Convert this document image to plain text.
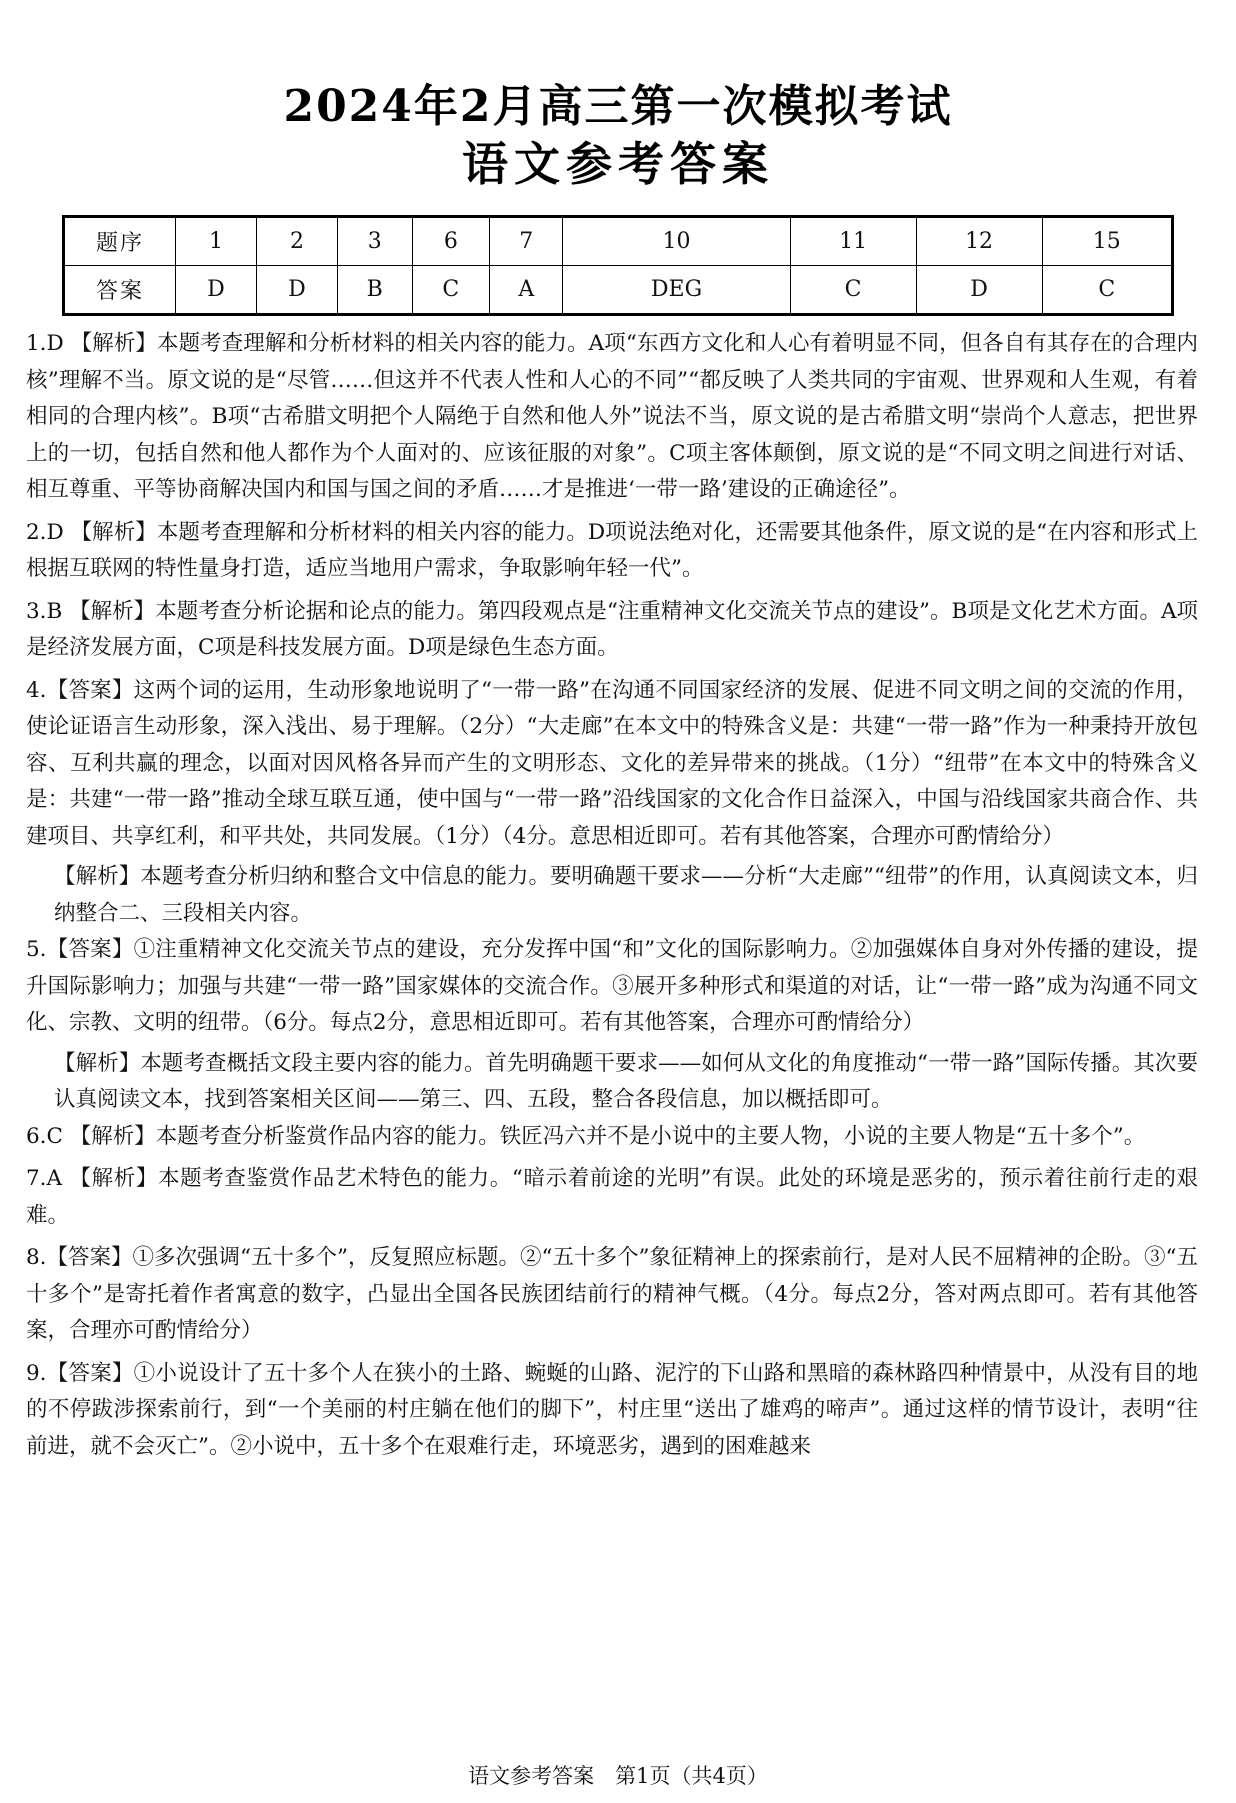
2024年2月高三第一次模拟考试
语文参考答案
题序	1	2	3	6	7	10	11	12	15
答案	D	D	B	C	A	DEG	C	D	C
1.D 【解析】本题考查理解和分析材料的相关内容的能力。A项“东西方文化和人心有着明显不同，但各自有其存在的合理内核”理解不当。原文说的是“尽管……但这并不代表人性和人心的不同”“都反映了人类共同的宇宙观、世界观和人生观，有着相同的合理内核”。B项“古希腊文明把个人隔绝于自然和他人外”说法不当，原文说的是古希腊文明“崇尚个人意志，把世界上的一切，包括自然和他人都作为个人面对的、应该征服的对象”。C项主客体颠倒，原文说的是“不同文明之间进行对话、相互尊重、平等协商解决国内和国与国之间的矛盾……才是推进‘一带一路’建设的正确途径”。
2.D 【解析】本题考查理解和分析材料的相关内容的能力。D项说法绝对化，还需要其他条件，原文说的是“在内容和形式上根据互联网的特性量身打造，适应当地用户需求，争取影响年轻一代”。
3.B 【解析】本题考查分析论据和论点的能力。第四段观点是“注重精神文化交流关节点的建设”。B项是文化艺术方面。A项是经济发展方面，C项是科技发展方面。D项是绿色生态方面。
4.【答案】这两个词的运用，生动形象地说明了“一带一路”在沟通不同国家经济的发展、促进不同文明之间的交流的作用，使论证语言生动形象，深入浅出、易于理解。（2分）“大走廊”在本文中的特殊含义是：共建“一带一路”作为一种秉持开放包容、互利共赢的理念，以面对因风格各异而产生的文明形态、文化的差异带来的挑战。（1分）“纽带”在本文中的特殊含义是：共建“一带一路”推动全球互联互通，使中国与“一带一路”沿线国家的文化合作日益深入，中国与沿线国家共商合作、共建项目、共享红利，和平共处，共同发展。（1分）（4分。意思相近即可。若有其他答案，合理亦可酌情给分）
【解析】本题考查分析归纳和整合文中信息的能力。要明确题干要求——分析“大走廊”“纽带”的作用，认真阅读文本，归纳整合二、三段相关内容。
5.【答案】①注重精神文化交流关节点的建设，充分发挥中国“和”文化的国际影响力。②加强媒体自身对外传播的建设，提升国际影响力；加强与共建“一带一路”国家媒体的交流合作。③展开多种形式和渠道的对话，让“一带一路”成为沟通不同文化、宗教、文明的纽带。（6分。每点2分，意思相近即可。若有其他答案，合理亦可酌情给分）
【解析】本题考查概括文段主要内容的能力。首先明确题干要求——如何从文化的角度推动“一带一路”国际传播。其次要认真阅读文本，找到答案相关区间——第三、四、五段，整合各段信息，加以概括即可。
6.C 【解析】本题考查分析鉴赏作品内容的能力。铁匠冯六并不是小说中的主要人物，小说的主要人物是“五十多个”。
7.A 【解析】本题考查鉴赏作品艺术特色的能力。“暗示着前途的光明”有误。此处的环境是恶劣的，预示着往前行走的艰难。
8.【答案】①多次强调“五十多个”，反复照应标题。②“五十多个”象征精神上的探索前行，是对人民不屈精神的企盼。③“五十多个”是寄托着作者寓意的数字，凸显出全国各民族团结前行的精神气概。（4分。每点2分，答对两点即可。若有其他答案，合理亦可酌情给分）
9.【答案】①小说设计了五十多个人在狭小的土路、蜿蜒的山路、泥泞的下山路和黑暗的森林路四种情景中，从没有目的地的不停跋涉探索前行，到“一个美丽的村庄躺在他们的脚下”，村庄里“送出了雄鸡的啼声”。通过这样的情节设计，表明“往前进，就不会灭亡”。②小说中，五十多个在艰难行走，环境恶劣，遇到的困难越来
语文参考答案　第1页（共4页）
